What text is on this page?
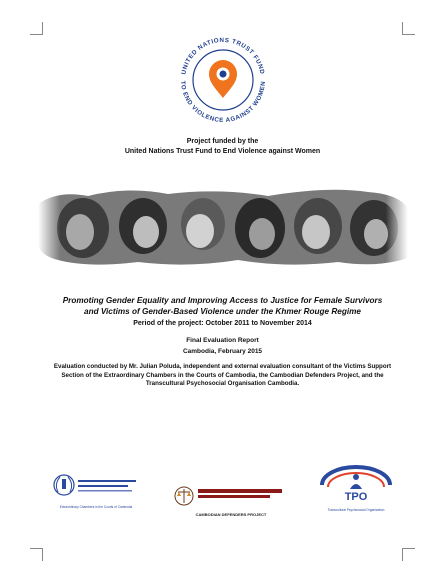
UNITED NATIONS TRUST FUND
TO END VIOLENCE AGAINST WOMEN
Project funded by the
United Nations Trust Fund to End Violence against Women
Promoting Gender Equality and Improving Access to Justice for Female Survivors
and Victims of Gender-Based Violence under the Khmer Rouge Regime
Period of the project: October 2011 to November 2014
Final Evaluation Report
Cambodia, February 2015
Evaluation conducted by Mr. Julian Poluda, independent and external evaluation consultant of the Victims Support Section of the Extraordinary Chambers in the Courts of Cambodia, the Cambodian Defenders Project, and the Transcultural Psychosocial Organisation Cambodia.
Extraordinary Chambers in the Courts of Cambodia
CAMBODIAN DEFENDERS PROJECT
TPO
Transcultural Psychosocial Organization
